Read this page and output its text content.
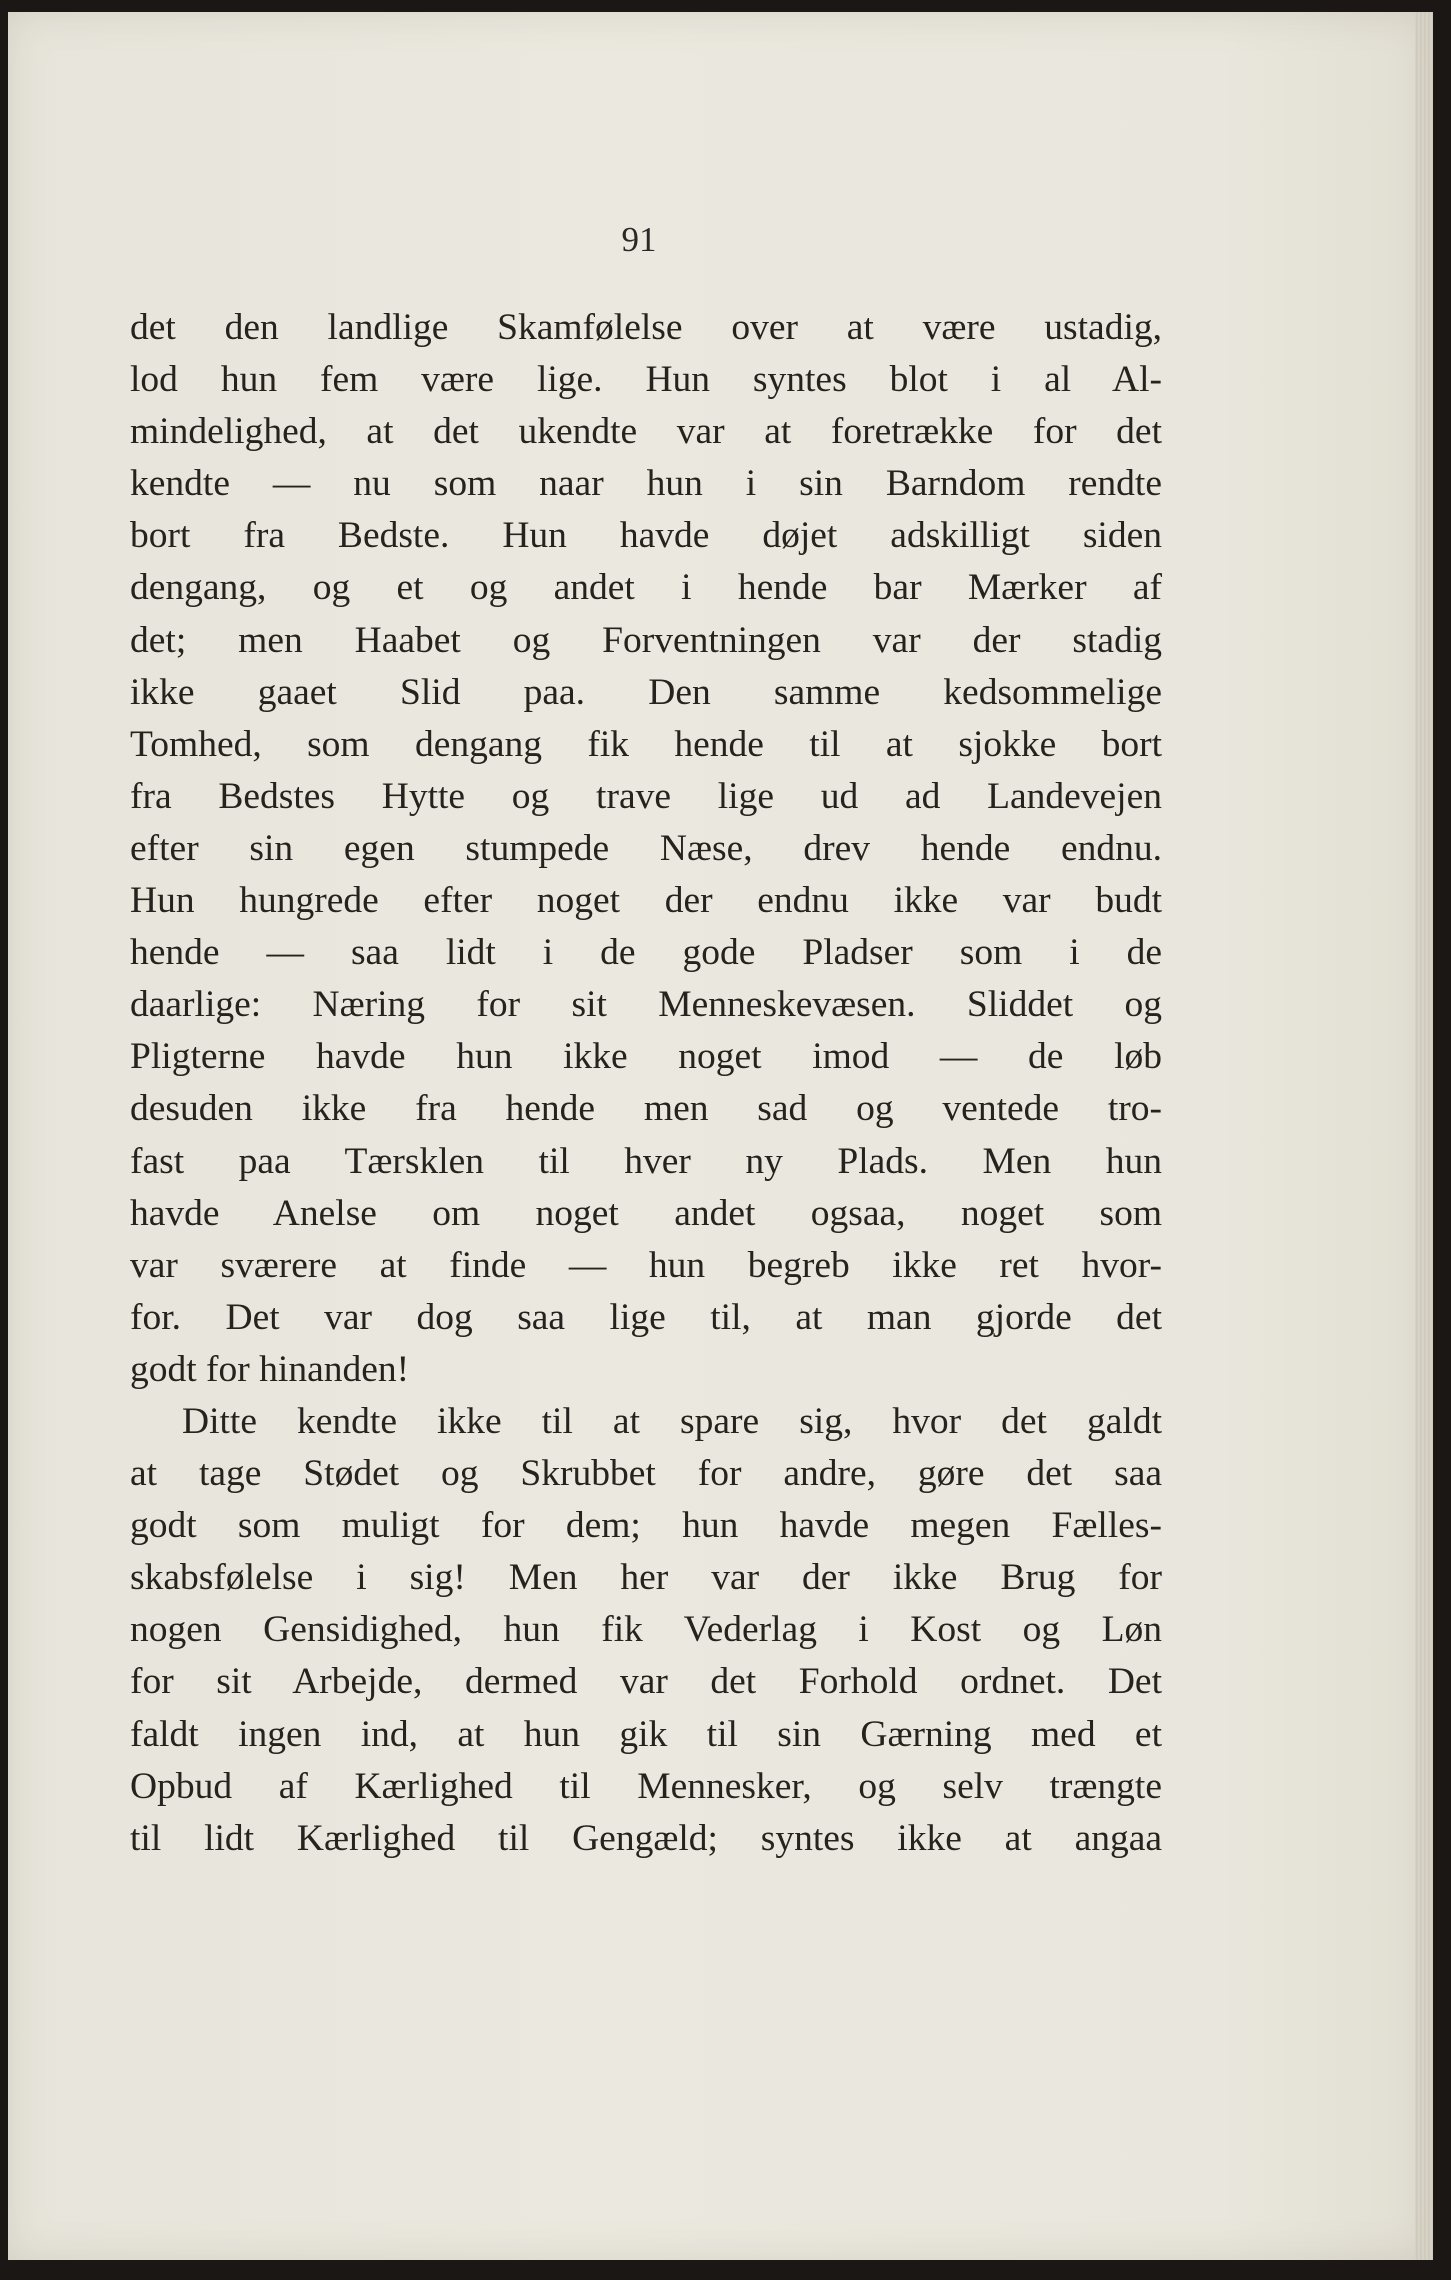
91
det den landlige Skamfølelse over at være ustadig,
lod hun fem være lige. Hun syntes blot i al Al-
mindelighed, at det ukendte var at foretrække for det
kendte — nu som naar hun i sin Barndom rendte
bort fra Bedste. Hun havde døjet adskilligt siden
dengang, og et og andet i hende bar Mærker af
det; men Haabet og Forventningen var der stadig
ikke gaaet Slid paa. Den samme kedsommelige
Tomhed, som dengang fik hende til at sjokke bort
fra Bedstes Hytte og trave lige ud ad Landevejen
efter sin egen stumpede Næse, drev hende endnu.
Hun hungrede efter noget der endnu ikke var budt
hende — saa lidt i de gode Pladser som i de
daarlige: Næring for sit Menneskevæsen. Sliddet og
Pligterne havde hun ikke noget imod — de løb
desuden ikke fra hende men sad og ventede tro-
fast paa Tærsklen til hver ny Plads. Men hun
havde Anelse om noget andet ogsaa, noget som
var sværere at finde — hun begreb ikke ret hvor-
for. Det var dog saa lige til, at man gjorde det
godt for hinanden!
Ditte kendte ikke til at spare sig, hvor det galdt
at tage Stødet og Skrubbet for andre, gøre det saa
godt som muligt for dem; hun havde megen Fælles-
skabsfølelse i sig! Men her var der ikke Brug for
nogen Gensidighed, hun fik Vederlag i Kost og Løn
for sit Arbejde, dermed var det Forhold ordnet. Det
faldt ingen ind, at hun gik til sin Gærning med et
Opbud af Kærlighed til Mennesker, og selv trængte
til lidt Kærlighed til Gengæld; syntes ikke at angaa
